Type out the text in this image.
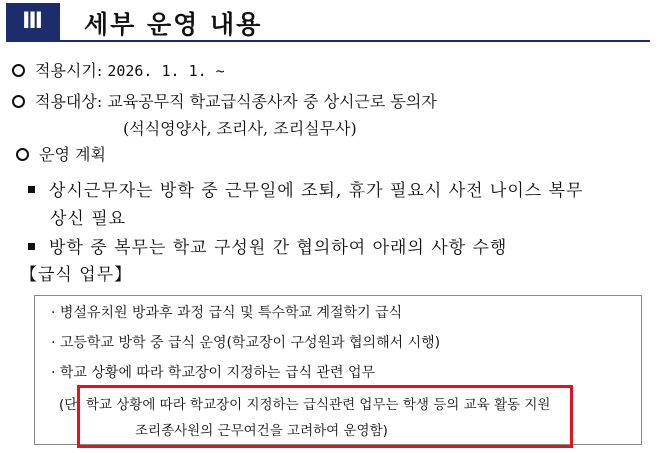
Ⅲ	세부 운영 내용
적용시기: 2026. 1. 1. ~
적용대상: 교육공무직 학교급식종사자 중 상시근로 동의자
(석식영양사, 조리사, 조리실무사)
운영 계획
상시근무자는 방학 중 근무일에 조퇴, 휴가 필요시 사전 나이스 복무
상신 필요
방학 중 복무는 학교 구성원 간 협의하여 아래의 사항 수행
【급식 업무】
· 병설유치원 방과후 과정 급식 및 특수학교 계절학기 급식
· 고등학교 방학 중 급식 운영(학교장이 구성원과 협의해서 시행)
· 학교 상황에 따라 학교장이 지정하는 급식 관련 업무
(단, 학교 상황에 따라 학교장이 지정하는 급식관련 업무는 학생 등의 교육 활동 지원
조리종사원의 근무여건을 고려하여 운영함)
